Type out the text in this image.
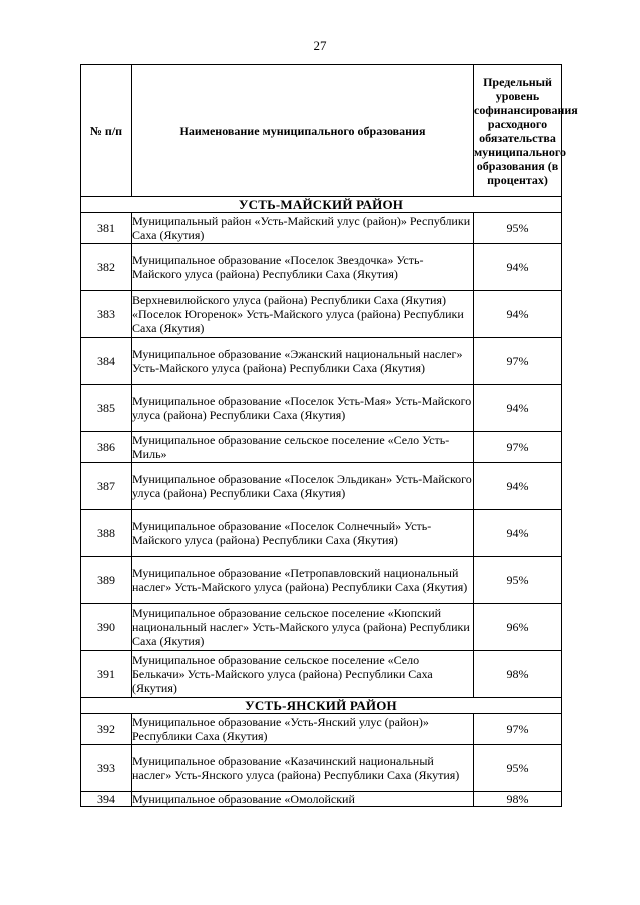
27
№ п/п	Наименование муниципального образования	Предельный уровень софинансирования расходного обязательства муниципального образования (в процентах)
УСТЬ-МАЙСКИЙ РАЙОН		
381	Муниципальный район «Усть-Майский улус (район)» Республики Саха (Якутия)	95%
382	Муниципальное образование «Поселок Звездочка» Усть-Майского улуса (района) Республики Саха (Якутия)	94%
383	Верхневилюйского улуса (района) Республики Саха (Якутия) «Поселок Югоренок» Усть-Майского улуса (района) Республики Саха (Якутия)	94%
384	Муниципальное образование «Эжанский национальный наслег» Усть-Майского улуса (района) Республики Саха (Якутия)	97%
385	Муниципальное образование «Поселок Усть-Мая» Усть-Майского улуса (района) Республики Саха (Якутия)	94%
386	Муниципальное образование сельское поселение «Село Усть-Миль»	97%
387	Муниципальное образование «Поселок Эльдикан» Усть-Майского улуса (района) Республики Саха (Якутия)	94%
388	Муниципальное образование «Поселок Солнечный» Усть-Майского улуса (района) Республики Саха (Якутия)	94%
389	Муниципальное образование «Петропавловский национальный наслег» Усть-Майского улуса (района) Республики Саха (Якутия)	95%
390	Муниципальное образование сельское поселение «Кюпский национальный наслег» Усть-Майского улуса (района) Республики Саха (Якутия)	96%
391	Муниципальное образование сельское поселение «Село Белькачи» Усть-Майского улуса (района) Республики Саха (Якутия)	98%
УСТЬ-ЯНСКИЙ РАЙОН		
392	Муниципальное образование «Усть-Янский улус (район)» Республики Саха (Якутия)	97%
393	Муниципальное образование «Казачинский национальный наслег» Усть-Янского улуса (района) Республики Саха (Якутия)	95%
394	Муниципальное образование «Омолойский	98%
